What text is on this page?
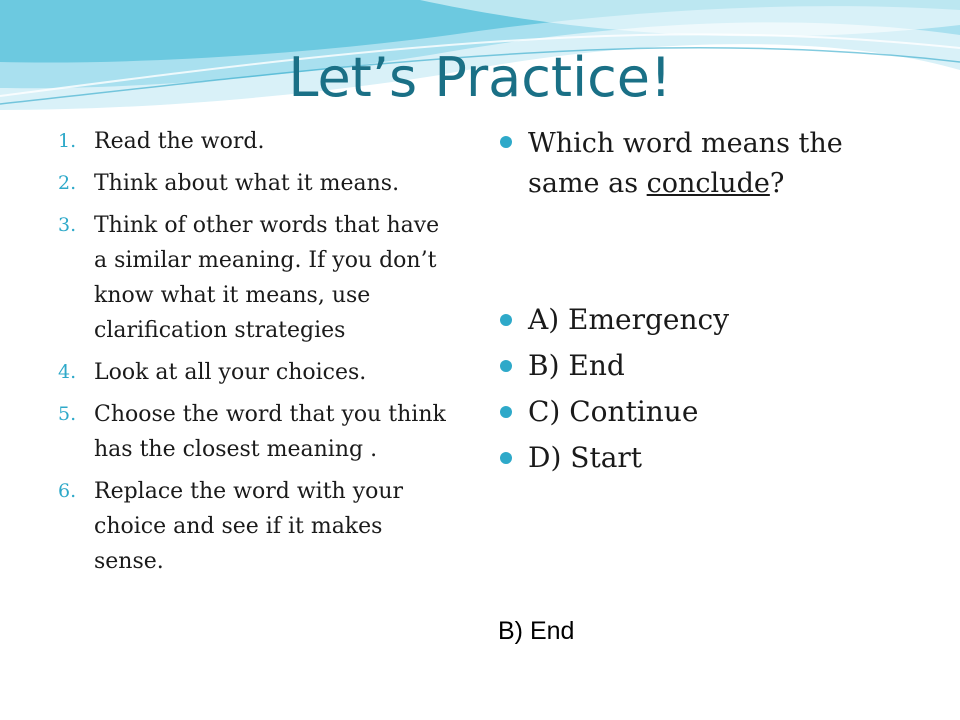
Let’s Practice!
1. Read the word.
2. Think about what it means.
3. Think of other words that have a similar meaning. If you don’t know what it means, use clarification strategies
4. Look at all your choices.
5. Choose the word that you think has the closest meaning .
6. Replace the word with your choice and see if it makes sense.
Which word means the same as conclude?
A) Emergency
B) End
C) Continue
D) Start
B) End
